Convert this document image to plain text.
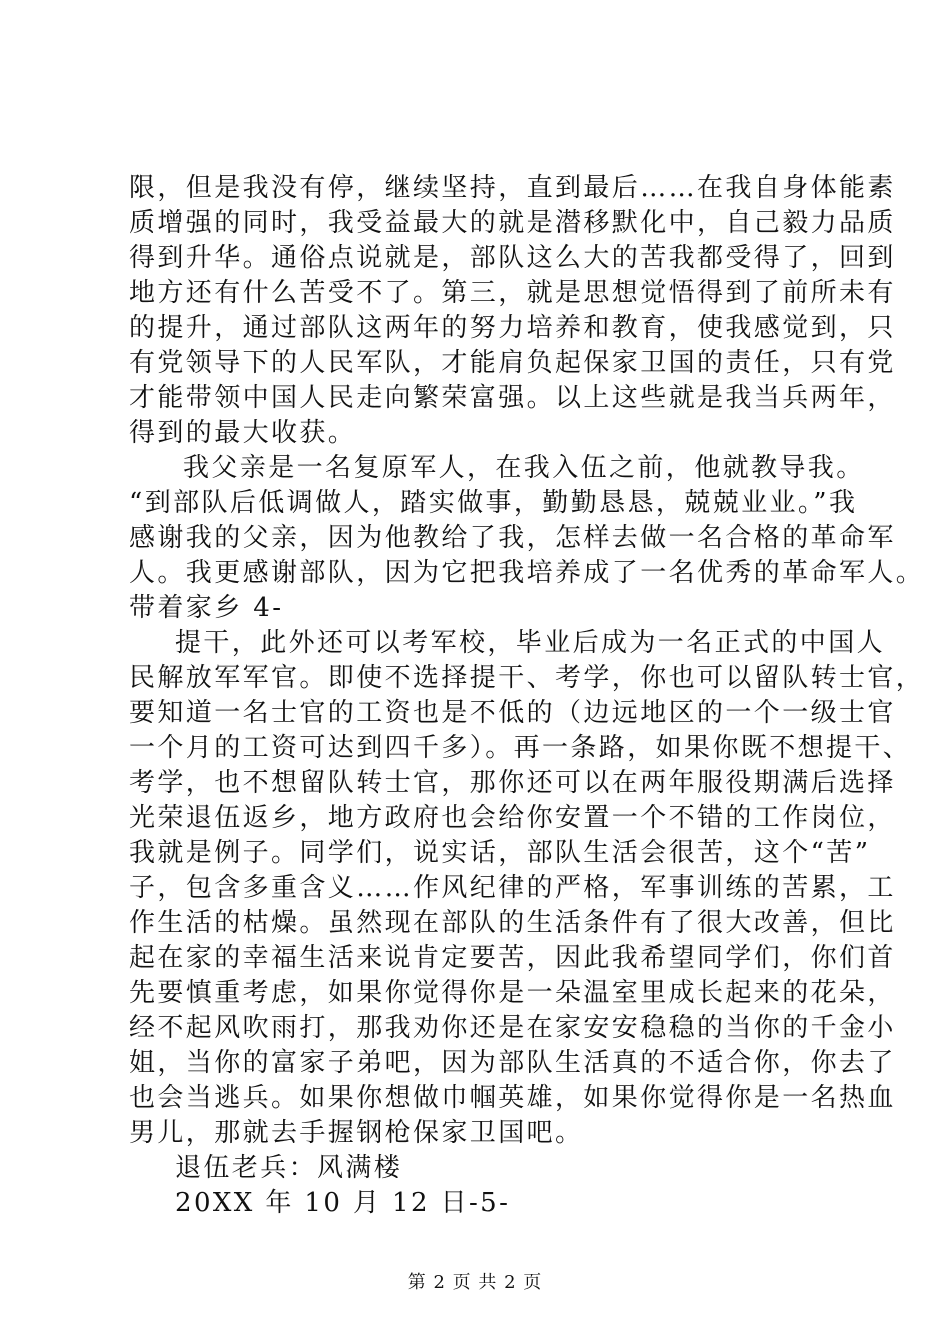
限，但是我没有停，继续坚持，直到最后……在我自身体能素
质增强的同时，我受益最大的就是潜移默化中，自己毅力品质
得到升华。通俗点说就是，部队这么大的苦我都受得了，回到
地方还有什么苦受不了。第三，就是思想觉悟得到了前所未有
的提升，通过部队这两年的努力培养和教育，使我感觉到，只
有党领导下的人民军队，才能肩负起保家卫国的责任，只有党
才能带领中国人民走向繁荣富强。以上这些就是我当兵两年，
得到的最大收获。
我父亲是一名复原军人，在我入伍之前，他就教导我。
“到部队后低调做人，踏实做事，勤勤恳恳，兢兢业业。”我
感谢我的父亲，因为他教给了我，怎样去做一名合格的革命军
人。我更感谢部队，因为它把我培养成了一名优秀的革命军人。
带着家乡 4-
提干，此外还可以考军校，毕业后成为一名正式的中国人
民解放军军官。即使不选择提干、考学，你也可以留队转士官，
要知道一名士官的工资也是不低的（边远地区的一个一级士官
一个月的工资可达到四千多）。再一条路，如果你既不想提干、
考学，也不想留队转士官，那你还可以在两年服役期满后选择
光荣退伍返乡，地方政府也会给你安置一个不错的工作岗位，
我就是例子。同学们，说实话，部队生活会很苦，这个“苦”
子，包含多重含义……作风纪律的严格，军事训练的苦累，工
作生活的枯燥。虽然现在部队的生活条件有了很大改善，但比
起在家的幸福生活来说肯定要苦，因此我希望同学们，你们首
先要慎重考虑，如果你觉得你是一朵温室里成长起来的花朵，
经不起风吹雨打，那我劝你还是在家安安稳稳的当你的千金小
姐，当你的富家子弟吧，因为部队生活真的不适合你，你去了
也会当逃兵。如果你想做巾帼英雄，如果你觉得你是一名热血
男儿，那就去手握钢枪保家卫国吧。
退伍老兵：风满楼
20XX 年 10 月 12 日-5-
第 2 页 共 2 页
